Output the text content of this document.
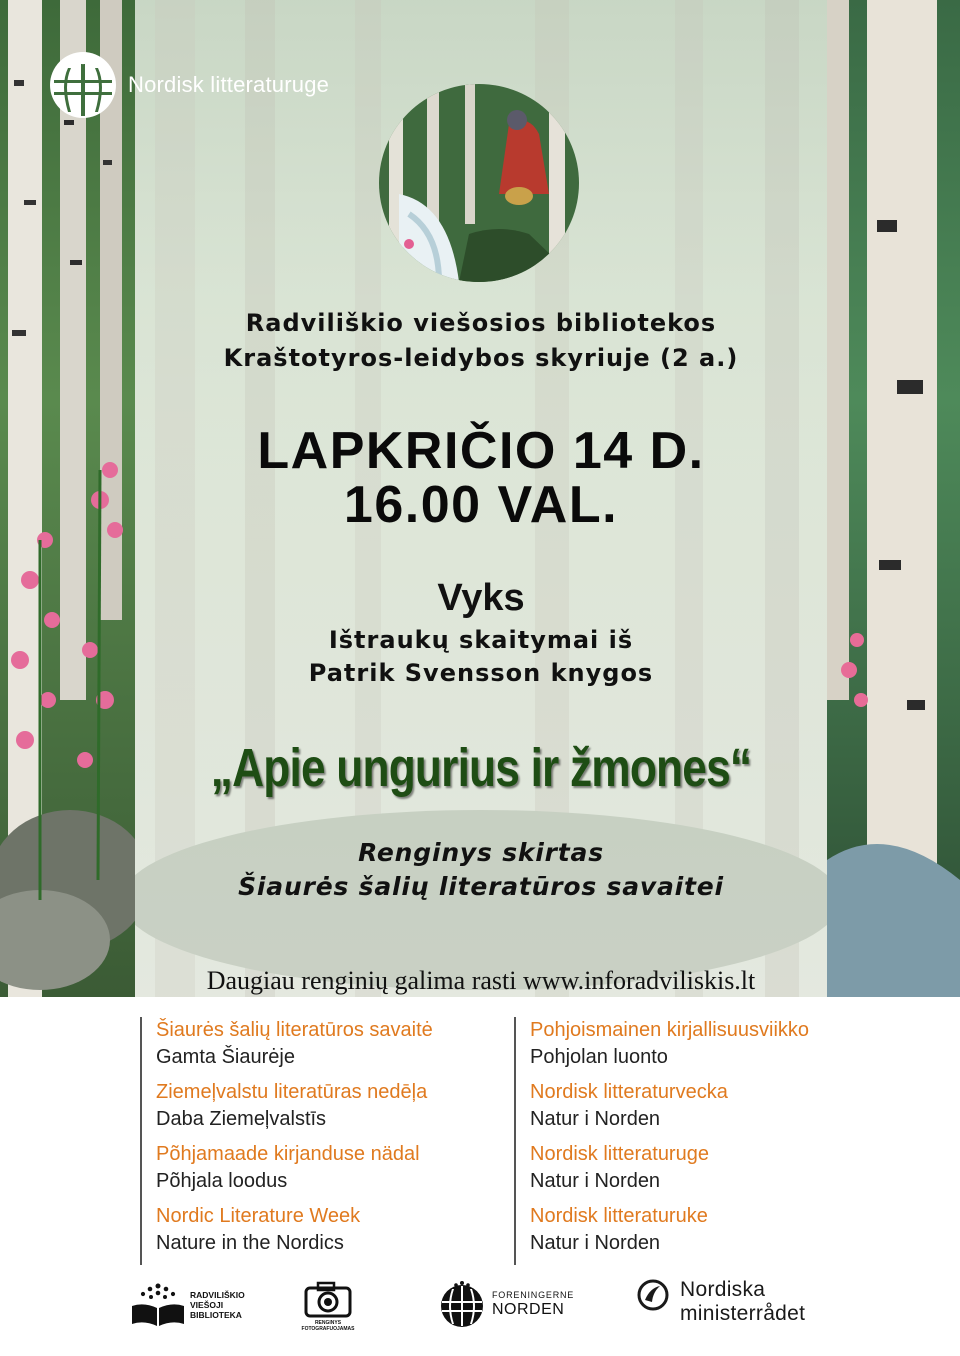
Nordisk litteraturuge
Radviliškio viešosios bibliotekos
Kraštotyros-leidybos skyriuje (2 a.)
LAPKRIČIO 14 D.
16.00 VAL.
Vyks
Ištraukų skaitymai iš
Patrik Svensson knygos
„Apie ungurius ir žmones“
Renginys skirtas
Šiaurės šalių literatūros savaitei
Daugiau renginių galima rasti www.inforadviliskis.lt
Šiaurės šalių literatūros savaitė
Gamta Šiaurėje
Ziemeļvalstu literatūras nedēļa
Daba Ziemeļvalstīs
Põhjamaade kirjanduse nädal
Põhjala loodus
Nordic Literature Week
Nature in the Nordics
Pohjoismainen kirjallisuusviikko
Pohjolan luonto
Nordisk litteraturvecka
Natur i Norden
Nordisk litteraturuge
Natur i Norden
Nordisk litteraturuke
Natur i Norden
RADVILIŠKIO
VIEŠOJI
BIBLIOTEKA
RENGINYS FOTOGRAFUOJAMAS
FORENINGERNE
NORDEN
Nordiska
ministerrådet
